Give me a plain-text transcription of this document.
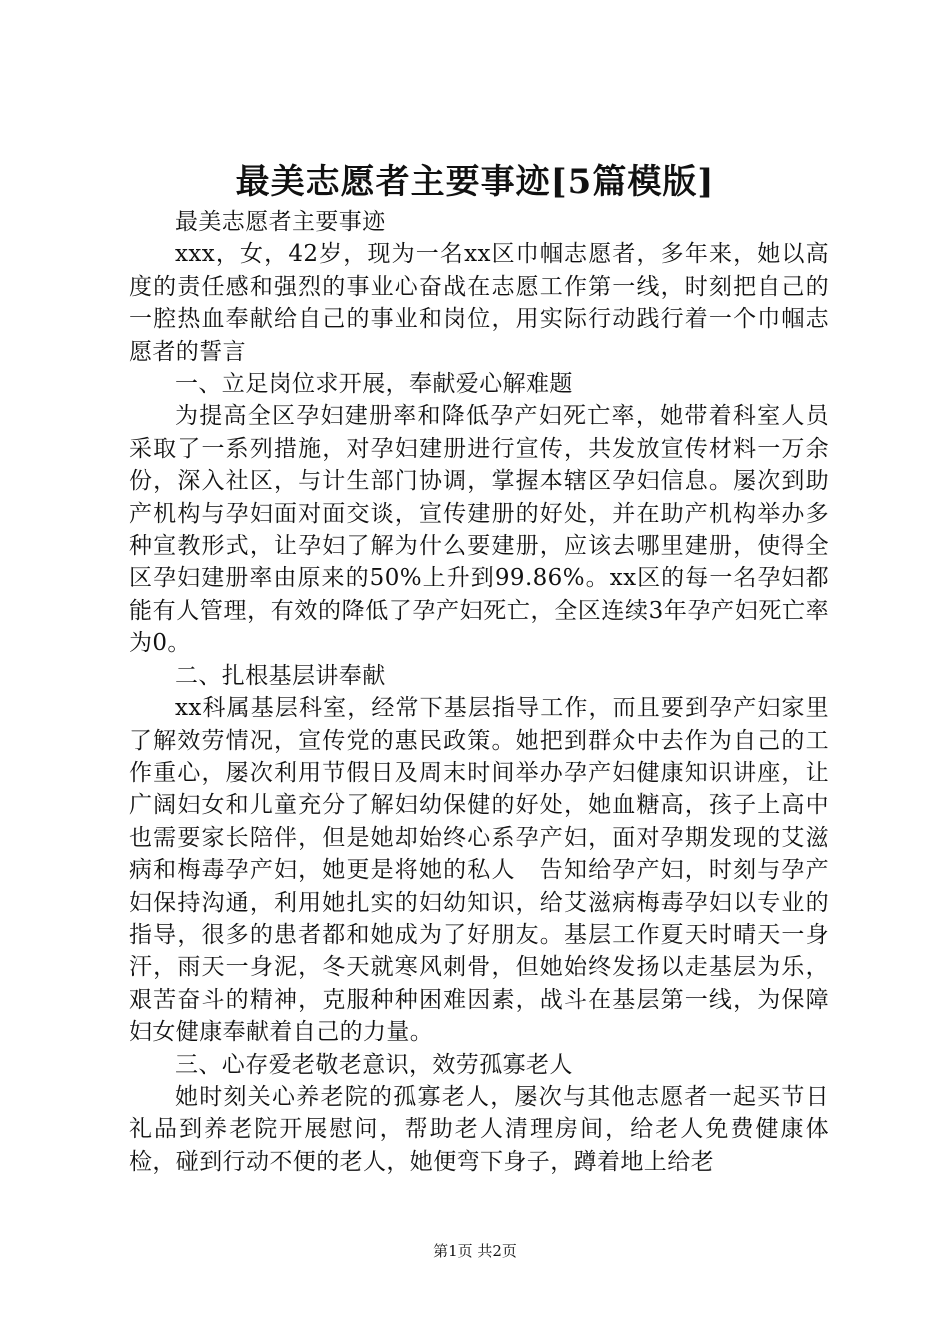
最美志愿者主要事迹[5篇模版]

最美志愿者主要事迹

xxx，女，42岁，现为一名xx区巾帼志愿者，多年来，她以高度的责任感和强烈的事业心奋战在志愿工作第一线，时刻把自己的一腔热血奉献给自己的事业和岗位，用实际行动践行着一个巾帼志愿者的誓言

一、立足岗位求开展，奉献爱心解难题

为提高全区孕妇建册率和降低孕产妇死亡率，她带着科室人员采取了一系列措施，对孕妇建册进行宣传，共发放宣传材料一万余份，深入社区，与计生部门协调，掌握本辖区孕妇信息。屡次到助产机构与孕妇面对面交谈，宣传建册的好处，并在助产机构举办多种宣教形式，让孕妇了解为什么要建册，应该去哪里建册，使得全区孕妇建册率由原来的50%上升到99.86%。xx区的每一名孕妇都能有人管理，有效的降低了孕产妇死亡，全区连续3年孕产妇死亡率为0。

二、扎根基层讲奉献

xx科属基层科室，经常下基层指导工作，而且要到孕产妇家里了解效劳情况，宣传党的惠民政策。她把到群众中去作为自己的工作重心，屡次利用节假日及周末时间举办孕产妇健康知识讲座，让广阔妇女和儿童充分了解妇幼保健的好处，她血糖高，孩子上高中也需要家长陪伴，但是她却始终心系孕产妇，面对孕期发现的艾滋病和梅毒孕产妇，她更是将她的私人　告知给孕产妇，时刻与孕产妇保持沟通，利用她扎实的妇幼知识，给艾滋病梅毒孕妇以专业的指导，很多的患者都和她成为了好朋友。基层工作夏天时晴天一身汗，雨天一身泥，冬天就寒风刺骨，但她始终发扬以走基层为乐，艰苦奋斗的精神，克服种种困难因素，战斗在基层第一线，为保障妇女健康奉献着自己的力量。

三、心存爱老敬老意识，效劳孤寡老人

她时刻关心养老院的孤寡老人，屡次与其他志愿者一起买节日礼品到养老院开展慰问，帮助老人清理房间，给老人免费健康体检，碰到行动不便的老人，她便弯下身子，蹲着地上给老

第1页 共2页
